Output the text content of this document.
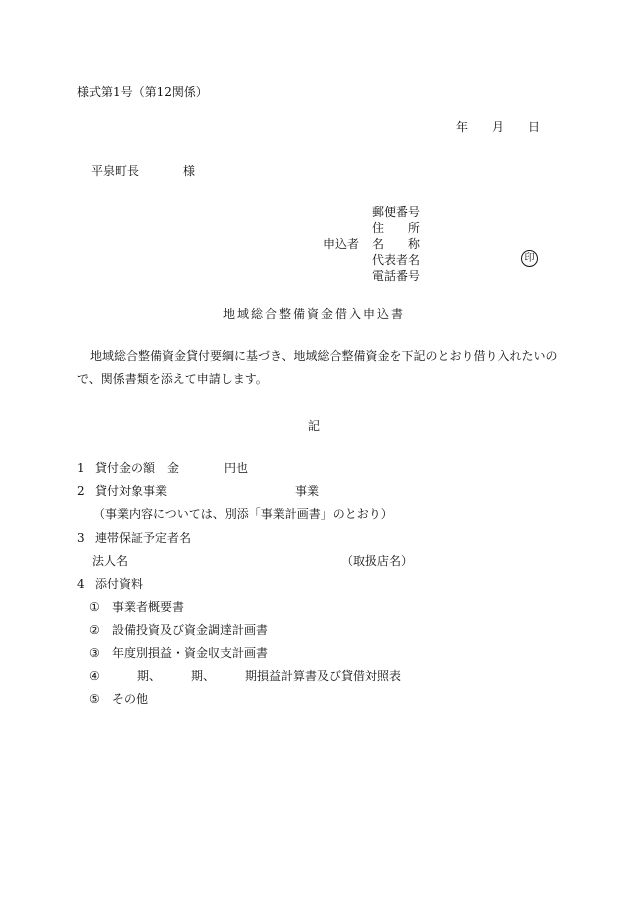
様式第1号（第12関係）
年 月 日
平泉町長	様
郵便番号
住　　所
申込者 名　　称
代表者名	印
電話番号
地域総合整備資金借入申込書
地域総合整備資金貸付要綱に基づき、地域総合整備資金を下記のとおり借り入れたいの
で、関係書類を添えて申請します。
記
1 貸付金の額　金	円也
2 貸付対象事業	事業
（事業内容については、別添「事業計画書」のとおり）
3 連帯保証予定者名
法人名	（取扱店名）
4 添付資料
① 事業者概要書
② 設備投資及び資金調達計画書
③ 年度別損益・資金収支計画書
④	期、　　　期、　　　期損益計算書及び貸借対照表
⑤ その他
